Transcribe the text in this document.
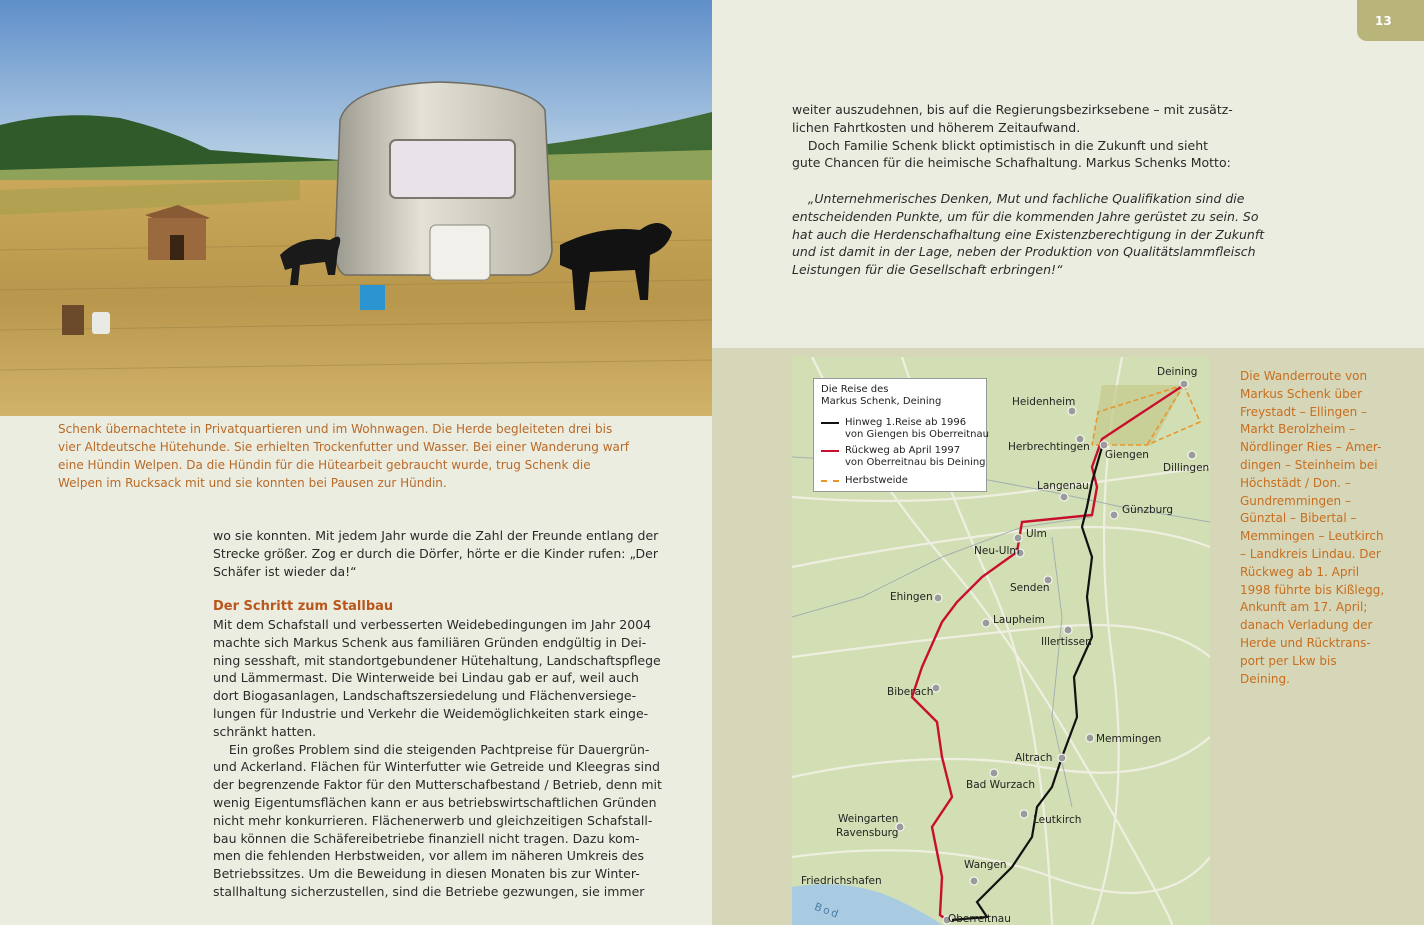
Schenk übernachtete in Privatquartieren und im Wohnwagen. Die Herde begleiteten drei bis vier Altdeutsche Hütehunde. Sie erhielten Trockenfutter und Wasser. Bei einer Wanderung warf eine Hündin Welpen. Da die Hündin für die Hütearbeit gebraucht wurde, trug Schenk die Welpen im Rucksack mit und sie konnten bei Pausen zur Hündin.
wo sie konnten. Mit jedem Jahr wurde die Zahl der Freunde entlang der
Strecke größer. Zog er durch die Dörfer, hörte er die Kinder rufen: „Der
Schäfer ist wieder da!“
Der Schritt zum Stallbau
Mit dem Schafstall und verbesserten Weidebedingungen im Jahr 2004
machte sich Markus Schenk aus familiären Gründen endgültig in Dei-
ning sesshaft, mit standortgebundener Hütehaltung, Landschaftspflege
und Lämmermast. Die Winterweide bei Lindau gab er auf, weil auch
dort Biogasanlagen, Landschaftszersiedelung und Flächenversiege-
lungen für Industrie und Verkehr die Weidemöglichkeiten stark einge-
schränkt hatten.
Ein großes Problem sind die steigenden Pachtpreise für Dauergrün-
und Ackerland. Flächen für Winterfutter wie Getreide und Kleegras sind
der begrenzende Faktor für den Mutterschafbestand / Betrieb, denn mit
wenig Eigentumsflächen kann er aus betriebswirtschaftlichen Gründen
nicht mehr konkurrieren. Flächenerwerb und gleichzeitigen Schafstall-
bau können die Schäfereibetriebe finanziell nicht tragen. Dazu kom-
men die fehlenden Herbstweiden, vor allem im näheren Umkreis des
Betriebssitzes. Um die Beweidung in diesen Monaten bis zur Winter-
stallhaltung sicherzustellen, sind die Betriebe gezwungen, sie immer
13
weiter auszudehnen, bis auf die Regierungsbezirksebene – mit zusätz-
lichen Fahrtkosten und höherem Zeitaufwand.
Doch Familie Schenk blickt optimistisch in die Zukunft und sieht
gute Chancen für die heimische Schafhaltung. Markus Schenks Motto:
„Unternehmerisches Denken, Mut und fachliche Qualifikation sind die
entscheidenden Punkte, um für die kommenden Jahre gerüstet zu sein. So
hat auch die Herdenschafhaltung eine Existenzberechtigung in der Zukunft
und ist damit in der Lage, neben der Produktion von Qualitätslammfleisch
Leistungen für die Gesellschaft erbringen!“
Deining
Heidenheim
Herbrechtingen
Giengen
Dillingen
Langenau
Günzburg
Ulm
Neu-Ulm
Senden
Ehingen
Laupheim
Illertissen
Biberach
Memmingen
Altrach
Bad Wurzach
Leutkirch
Weingarten
Ravensburg
Wangen
Friedrichshafen
Oberreitnau
Bod
Die Reise des
Markus Schenk, Deining
Hinweg 1.Reise ab 1996
von Giengen bis Oberreitnau
Rückweg ab April 1997
von Oberreitnau bis Deining
Herbstweide
Die Wanderroute von
Markus Schenk über
Freystadt – Ellingen –
Markt Berolzheim –
Nördlinger Ries – Amer-
dingen – Steinheim bei
Höchstädt / Don. –
Gundremmingen –
Günztal – Bibertal –
Memmingen – Leutkirch
– Landkreis Lindau. Der
Rückweg ab 1. April
1998 führte bis Kißlegg,
Ankunft am 17. April;
danach Verladung der
Herde und Rücktrans-
port per Lkw bis
Deining.
